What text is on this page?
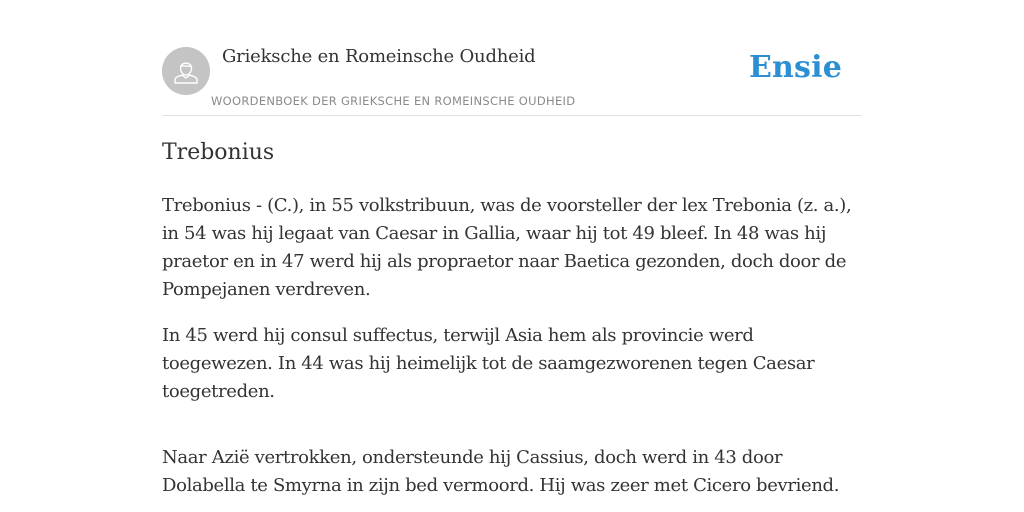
Grieksche en Romeinsche Oudheid
WOORDENBOEK DER GRIEKSCHE EN ROMEINSCHE OUDHEID
Ensie
Trebonius

Trebonius - (C.), in 55 volkstribuun, was de voorsteller der lex Trebonia (z. a.), in 54 was hij legaat van Caesar in Gallia, waar hij tot 49 bleef. In 48 was hij praetor en in 47 werd hij als propraetor naar Baetica gezonden, doch door de Pompejanen verdreven.

In 45 werd hij consul suffectus, terwijl Asia hem als provincie werd toegewezen. In 44 was hij heimelijk tot de saamgezworenen tegen Caesar toegetreden.

Naar Azië vertrokken, ondersteunde hij Cassius, doch werd in 43 door Dolabella te Smyrna in zijn bed vermoord. Hij was zeer met Cicero bevriend.
